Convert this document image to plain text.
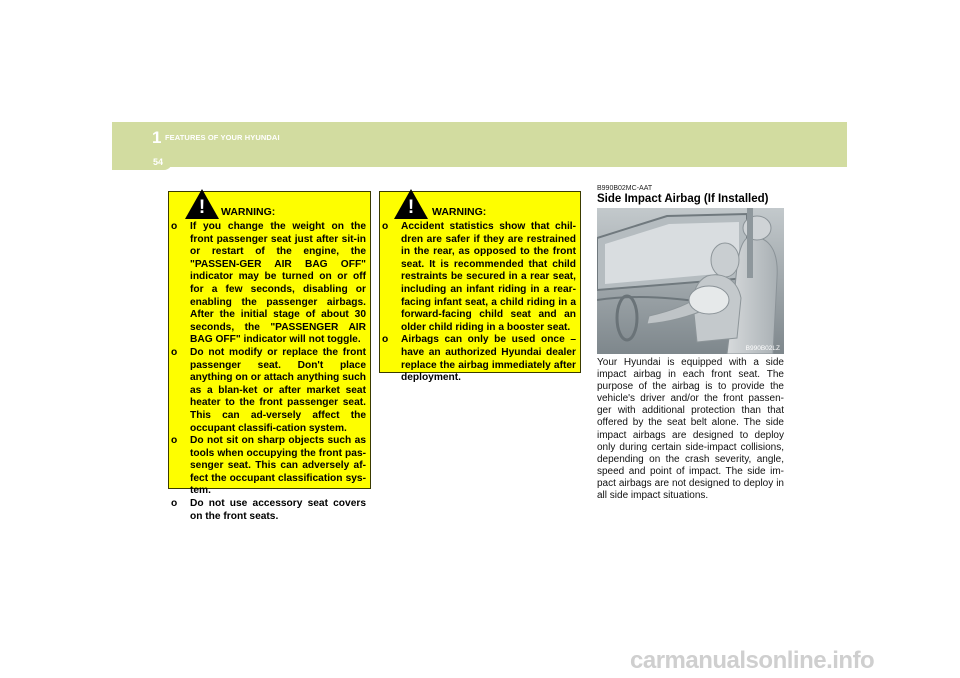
1 FEATURES OF YOUR HYUNDAI
54
!	WARNING:
o If you change the weight on the front passenger seat just after sit-in or restart of the engine, the "PASSEN-GER AIR BAG OFF" indicator may be turned on or off for a few seconds, disabling or enabling the passenger airbags. After the initial stage of about 30 seconds, the "PASSENGER AIR BAG OFF" indicator will not toggle.
o Do not modify or replace the front passenger seat. Don't place anything on or attach anything such as a blan-ket or after market seat heater to the front passenger seat. This can ad-versely affect the occupant classifi-cation system.
o Do not sit on sharp objects such as tools when occupying the front pas-senger seat. This can adversely af-fect the occupant classification sys-tem.
o Do not use accessory seat covers on the front seats.
!	WARNING:
o Accident statistics show that chil-dren are safer if they are restrained in the rear, as opposed to the front seat. It is recommended that child restraints be secured in a rear seat, including an infant riding in a rear-facing infant seat, a child riding in a forward-facing child seat and an older child riding in a booster seat.
o Airbags can only be used once – have an authorized Hyundai dealer replace the airbag immediately after deployment.
B990B02MC-AAT
Side Impact Airbag (If Installed)
B990B02LZ
Your Hyundai is equipped with a side impact airbag in each front seat. The purpose of the airbag is to provide the vehicle's driver and/or the front passen-ger with additional protection than that offered by the seat belt alone. The side impact airbags are designed to deploy only during certain side-impact collisions, depending on the crash severity, angle, speed and point of impact. The side im-pact airbags are not designed to deploy in all side impact situations.
carmanualsonline.info
